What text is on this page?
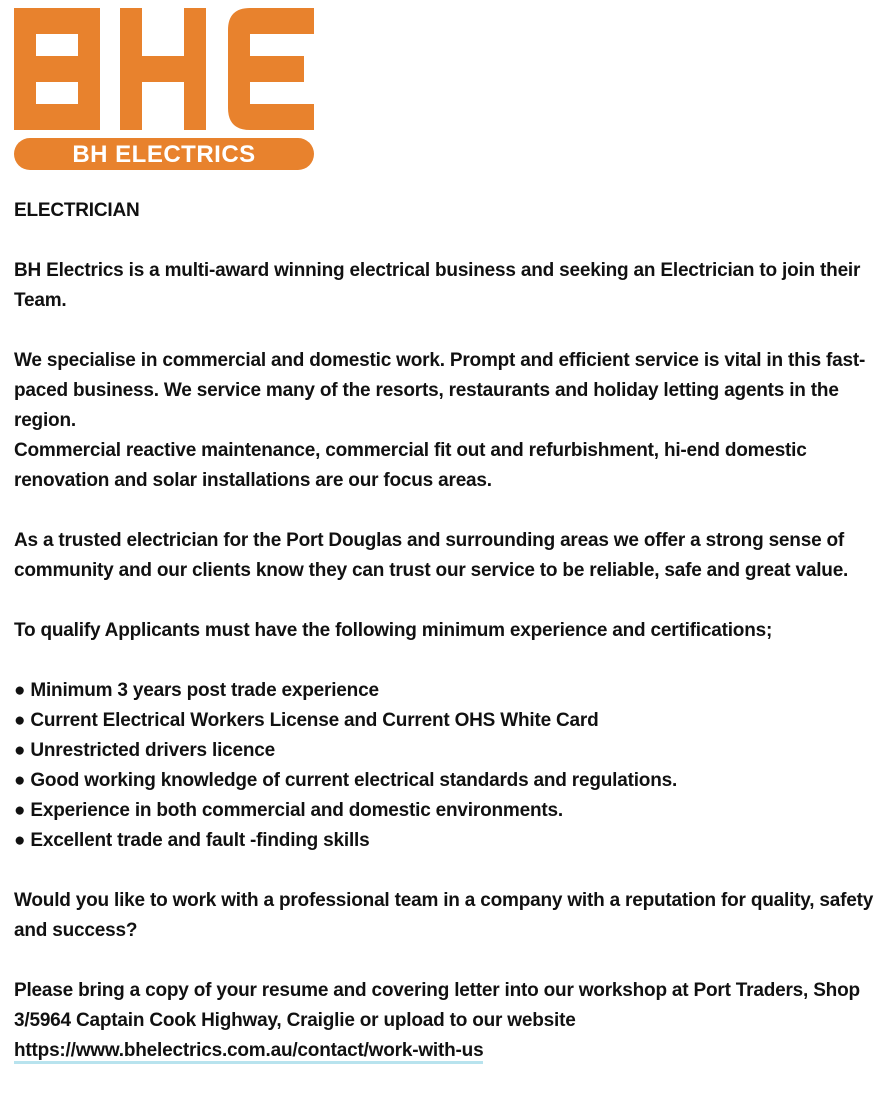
BH ELECTRICS

ELECTRICIAN

BH Electrics is a multi-award winning electrical business and seeking an Electrician to join their Team.

We specialise in commercial and domestic work. Prompt and efficient service is vital in this fast-paced business. We service many of the resorts, restaurants and holiday letting agents in the region.

Commercial reactive maintenance, commercial fit out and refurbishment, hi-end domestic renovation and solar installations are our focus areas.

As a trusted electrician for the Port Douglas and surrounding areas we offer a strong sense of community and our clients know they can trust our service to be reliable, safe and great value.

To qualify Applicants must have the following minimum experience and certifications;

● Minimum 3 years post trade experience
● Current Electrical Workers License and Current OHS White Card
● Unrestricted drivers licence
● Good working knowledge of current electrical standards and regulations.
● Experience in both commercial and domestic environments.
● Excellent trade and fault -finding skills

Would you like to work with a professional team in a company with a reputation for quality, safety and success?

Please bring a copy of your resume and covering letter into our workshop at Port Traders, Shop 3/5964 Captain Cook Highway, Craiglie or upload to our website
https://www.bhelectrics.com.au/contact/work-with-us
